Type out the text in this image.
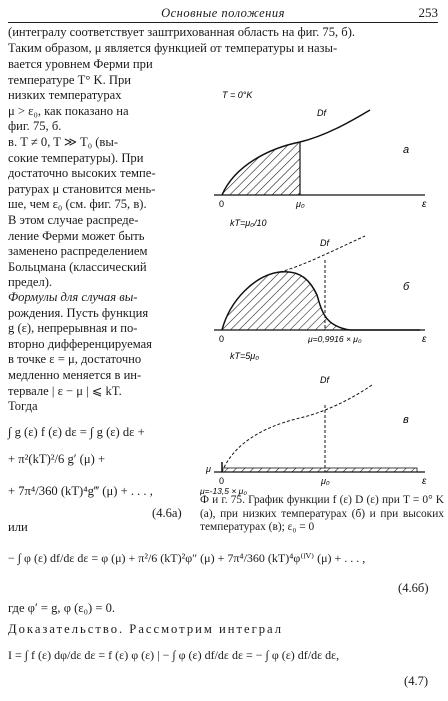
Основные положения	253
(интегралу соответствует заштрихованная область на фиг. 75, б).
Таким образом, μ является функцией от температуры и назы-
вается уровнем Ферми при
температуре T° K. При
низких температурах
μ > ε₀, как показано на
фиг. 75, б.
в. T ≠ 0, T ≫ T₀ (вы-
сокие температуры). При
достаточно высоких темпе-
ратурах μ становится мень-
ше, чем ε₀ (см. фиг. 75, в).
В этом случае распреде-
ление Ферми может быть
заменено распределением
Больцмана (классический
предел).
Формулы для случая вы-
рождения. Пусть функция
g (ε), непрерывная и по-
вторно дифференцируемая
в точке ε = μ, достаточно
медленно меняется в ин-
тервале | ε − μ | ⩽ kT.
Тогда
∫ g (ε) f (ε) dε = ∫ g (ε) dε +
+ π²(kT)²/6 g′ (μ) +
+ 7π⁴/360 (kT)⁴g‴ (μ) + . . . ,
(4.6а)
или
− ∫ φ (ε) df/dε dε = φ (μ) + π²/6 (kT)²φ″ (μ) + 7π⁴/360 (kT)⁴φ⁽ᴵⱽ⁾ (μ) + . . . ,
(4.6б)
где φ′ = g, φ (ε₀) = 0.
Доказательство. Рассмотрим интеграл
I = ∫ f (ε) dφ/dε dε = f (ε) φ (ε) | − ∫ φ (ε) df/dε dε = − ∫ φ (ε) df/dε dε,
(4.7)
T = 0°K
Df
0	μ₀	ε
а
kT=μ₀/10
Df
0	μ=0,9916 × μ₀	ε
б
kT=5μ₀
Df
0	μ₀	ε
в
μ
μ=-13,5 × μ₀
Ф и г. 75. График функции f (ε) D (ε) при T = 0° K (а), при низких температурах (б) и при высоких температурах (в); ε₀ = 0
